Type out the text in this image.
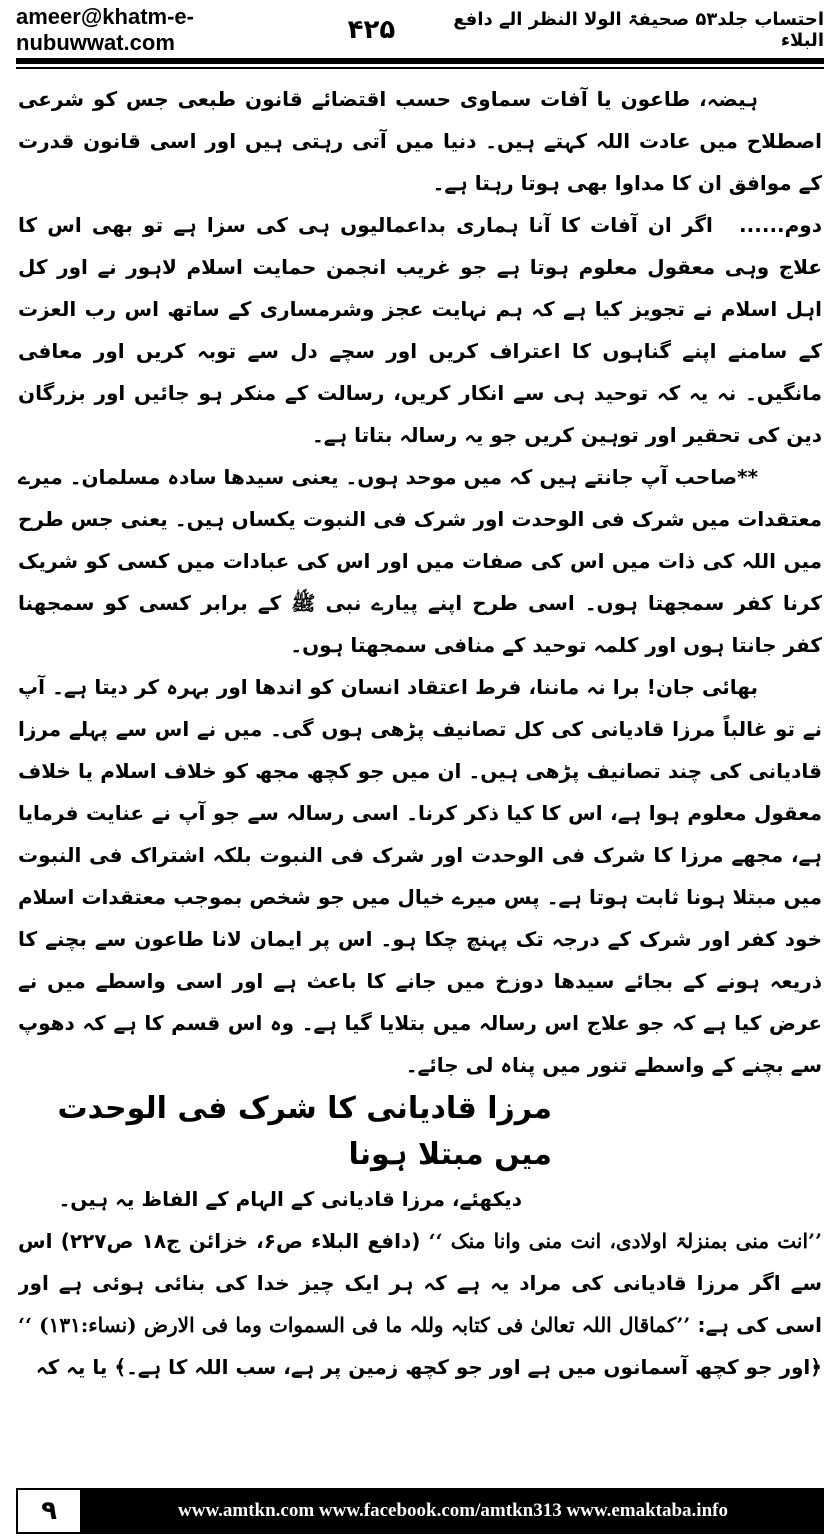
ameer@khatm-e-nubuwwat.com
احتساب جلد۵۳ صحیفۃ الولا النظر الے دافع البلاء
۴۲۵

ہیضہ، طاعون یا آفات سماوی حسب اقتضائے قانون طبعی جس کو شرعی اصطلاح میں عادت اللہ کہتے ہیں۔ دنیا میں آتی رہتی ہیں اور اسی قانون قدرت کے موافق ان کا مداوا بھی ہوتا رہتا ہے۔

دوم...... اگر ان آفات کا آنا ہماری بداعمالیوں ہی کی سزا ہے تو بھی اس کا علاج وہی معقول معلوم ہوتا ہے جو غریب انجمن حمایت اسلام لاہور نے اور کل اہل اسلام نے تجویز کیا ہے کہ ہم نہایت عجز وشرمساری کے ساتھ اس رب العزت کے سامنے اپنے گناہوں کا اعتراف کریں اور سچے دل سے توبہ کریں اور معافی مانگیں۔ نہ یہ کہ توحید ہی سے انکار کریں، رسالت کے منکر ہو جائیں اور بزرگان دین کی تحقیر اور توہین کریں جو یہ رسالہ بتاتا ہے۔

**صاحب آپ جانتے ہیں کہ میں موحد ہوں۔ یعنی سیدھا سادہ مسلمان۔ میرے معتقدات میں شرک فی الوحدت اور شرک فی النبوت یکساں ہیں۔ یعنی جس طرح میں اللہ کی ذات میں اس کی صفات میں اور اس کی عبادات میں کسی کو شریک کرنا کفر سمجھتا ہوں۔ اسی طرح اپنے پیارے نبی ﷺ کے برابر کسی کو سمجھنا کفر جانتا ہوں اور کلمہ توحید کے منافی سمجھتا ہوں۔

بھائی جان! برا نہ ماننا، فرط اعتقاد انسان کو اندھا اور بہرہ کر دیتا ہے۔ آپ نے تو غالباً مرزا قادیانی کی کل تصانیف پڑھی ہوں گی۔ میں نے اس سے پہلے مرزا قادیانی کی چند تصانیف پڑھی ہیں۔ ان میں جو کچھ مجھ کو خلاف اسلام یا خلاف معقول معلوم ہوا ہے، اس کا کیا ذکر کرنا۔ اسی رسالہ سے جو آپ نے عنایت فرمایا ہے، مجھے مرزا کا شرک فی الوحدت اور شرک فی النبوت بلکہ اشتراک فی النبوت میں مبتلا ہونا ثابت ہوتا ہے۔ پس میرے خیال میں جو شخص بموجب معتقدات اسلام خود کفر اور شرک کے درجہ تک پہنچ چکا ہو۔ اس پر ایمان لانا طاعون سے بچنے کا ذریعہ ہونے کے بجائے سیدھا دوزخ میں جانے کا باعث ہے اور اسی واسطے میں نے عرض کیا ہے کہ جو علاج اس رسالہ میں بتلایا گیا ہے۔ وہ اس قسم کا ہے کہ دھوپ سے بچنے کے واسطے تنور میں پناہ لی جائے۔

مرزا قادیانی کا شرک فی الوحدت میں مبتلا ہونا

دیکھئے، مرزا قادیانی کے الہام کے الفاظ یہ ہیں۔

’’انت منی بمنزلۃ اولادی، انت منی وانا منک ‘‘ (دافع البلاء ص۶، خزائن ج۱۸ ص۲۲۷) اس سے اگر مرزا قادیانی کی مراد یہ ہے کہ ہر ایک چیز خدا کی بنائی ہوئی ہے اور اسی کی ہے: ’’کماقال اللہ تعالیٰ فی کتابہ وللہ ما فی السموات وما فی الارض (نساء:۱۳۱) ‘‘ ﴿اور جو کچھ آسمانوں میں ہے اور جو کچھ زمین پر ہے، سب اللہ کا ہے۔﴾ یا یہ کہ

۹	www.amtkn.com www.facebook.com/amtkn313 www.emaktaba.info
